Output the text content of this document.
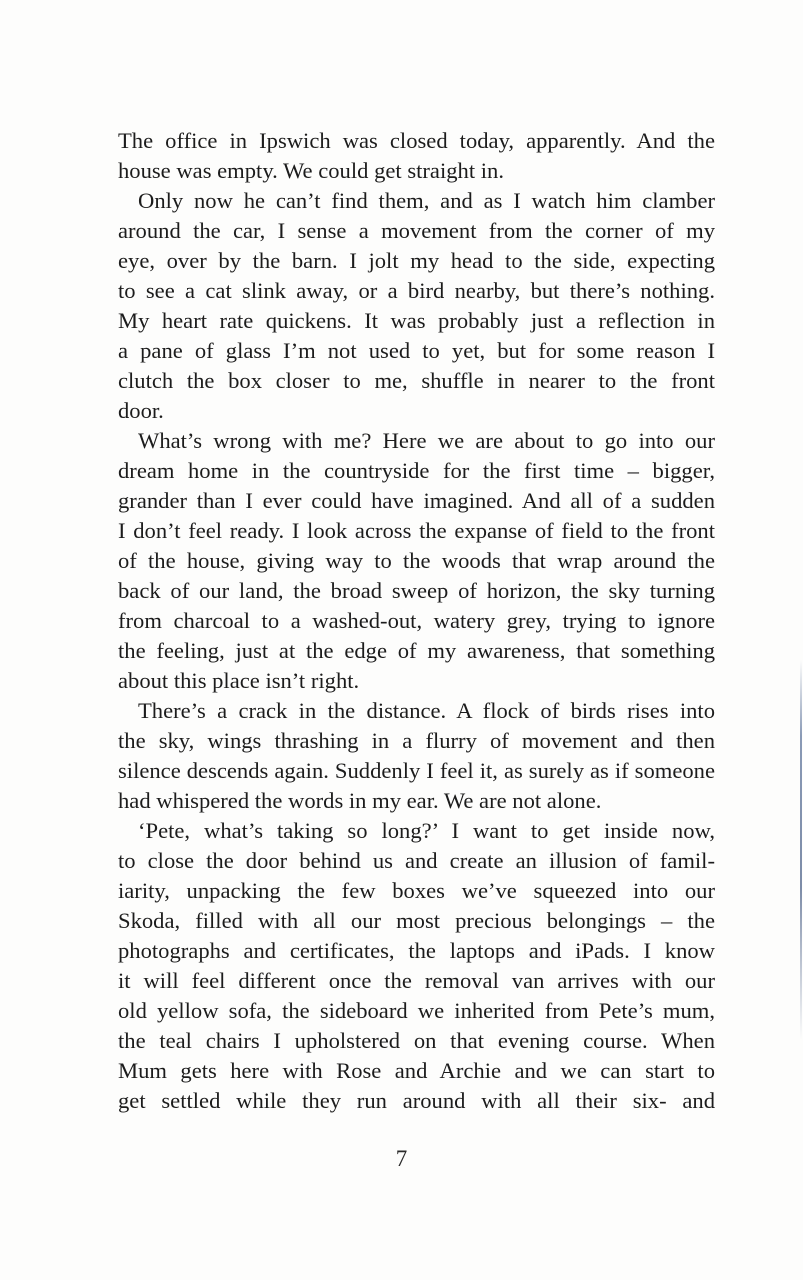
The office in Ipswich was closed today, apparently. And the
house was empty. We could get straight in.
Only now he can’t find them, and as I watch him clamber
around the car, I sense a movement from the corner of my
eye, over by the barn. I jolt my head to the side, expecting
to see a cat slink away, or a bird nearby, but there’s nothing.
My heart rate quickens. It was probably just a reflection in
a pane of glass I’m not used to yet, but for some reason I
clutch the box closer to me, shuffle in nearer to the front
door.
What’s wrong with me? Here we are about to go into our
dream home in the countryside for the first time – bigger,
grander than I ever could have imagined. And all of a sudden
I don’t feel ready. I look across the expanse of field to the front
of the house, giving way to the woods that wrap around the
back of our land, the broad sweep of horizon, the sky turning
from charcoal to a washed-out, watery grey, trying to ignore
the feeling, just at the edge of my awareness, that something
about this place isn’t right.
There’s a crack in the distance. A flock of birds rises into
the sky, wings thrashing in a flurry of movement and then
silence descends again. Suddenly I feel it, as surely as if someone
had whispered the words in my ear. We are not alone.
‘Pete, what’s taking so long?’ I want to get inside now,
to close the door behind us and create an illusion of famil-
iarity, unpacking the few boxes we’ve squeezed into our
Skoda, filled with all our most precious belongings – the
photographs and certificates, the laptops and iPads. I know
it will feel different once the removal van arrives with our
old yellow sofa, the sideboard we inherited from Pete’s mum,
the teal chairs I upholstered on that evening course. When
Mum gets here with Rose and Archie and we can start to
get settled while they run around with all their six- and
7
